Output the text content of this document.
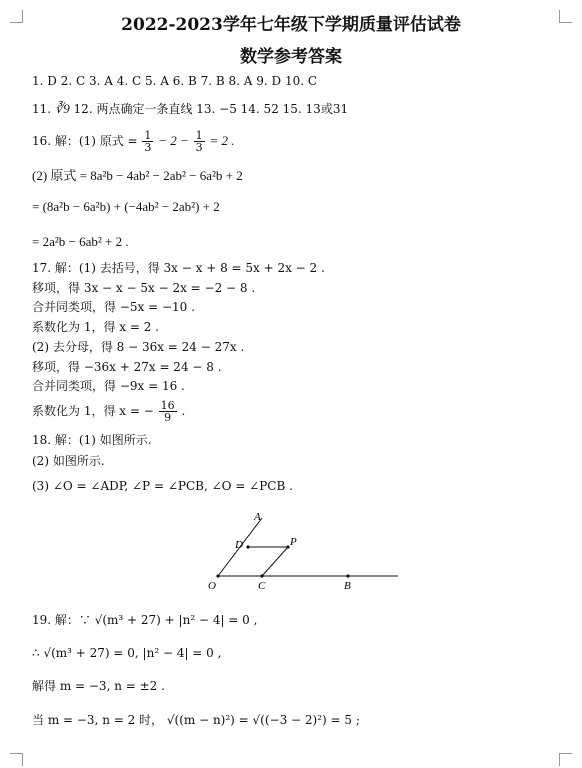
2022-2023学年七年级下学期质量评估试卷
数学参考答案
1. D 2. C 3. A 4. C 5. A 6. B 7. B 8. A 9. D 10. C
11. ∛9 12. 两点确定一条直线 13. −5 14. 52 15. 13或31
16. 解：(1) 原式 = $\frac{1}{3} - 2 - \frac{1}{3} = 2$ .
(2) 原式 = 8a²b − 4ab² − 2ab² − 6a²b + 2
= (8a²b − 6a²b) + (−4ab² − 2ab²) + 2
= 2a²b − 6ab² + 2 .
17. 解：(1) 去括号，得 3x − x + 8 = 5x + 2x − 2 .
移项，得 3x − x − 5x − 2x = −2 − 8 .
合并同类项，得 −5x = −10 .
系数化为 1，得 x = 2 .
(2) 去分母，得 8 − 36x = 24 − 27x .
移项，得 −36x + 27x = 24 − 8 .
合并同类项，得 −9x = 16 .
系数化为 1，得 x = − $\frac{16}{9}$ .
18. 解：(1) 如图所示.
(2) 如图所示.
(3) ∠O = ∠ADP, ∠P = ∠PCB, ∠O = ∠PCB .
A
D	P
O	C	B
19. 解：∵ √(m³ + 27) + |n² − 4| = 0 ,
∴ √(m³ + 27) = 0, |n² − 4| = 0 ,
解得 m = −3, n = ±2 .
当 m = −3, n = 2 时， √((m − n)²) = √((−3 − 2)²) = 5 ;
